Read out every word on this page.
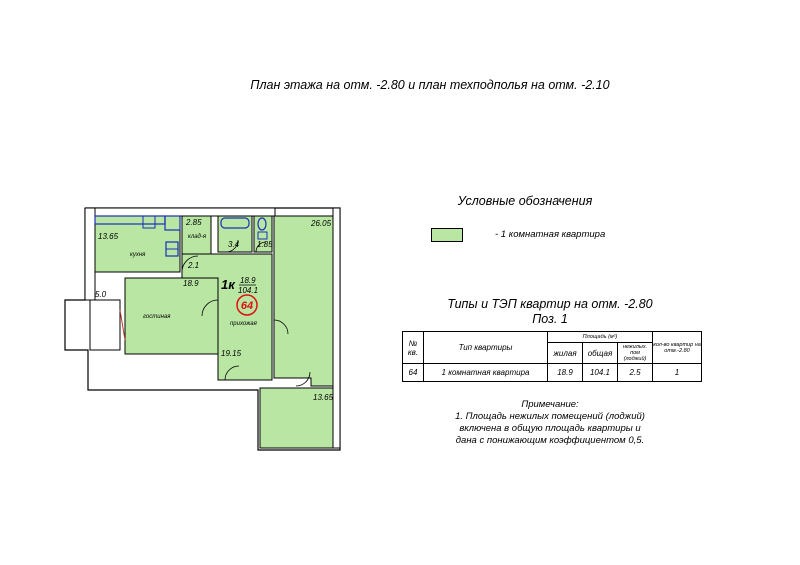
План этажа на отм. -2.80 и план техподполья на отм. -2.10
13.65
кухня
2.85
клад-я
3.4 1.85
2.1
18.9
гостиная
прихожая
19.15
26.05
13.65
5.0
1к 18.9
104.1
64
Условные обозначения
- 1 комнатная квартира
Типы и ТЭП квартир на отм. -2.80
Поз. 1
№ кв.	Тип квартиры	Площадь (м²)			кол-во квартир на отм.-2.80
		жилая	общая	нежилых. пом (лоджий)	
64	1 комнатная квартира	18.9	104.1	2.5	1
Примечание:
1. Площадь нежилых помещений (лоджий)
включена в общую площадь квартиры и
дана с понижающим коэффициентом 0,5.
